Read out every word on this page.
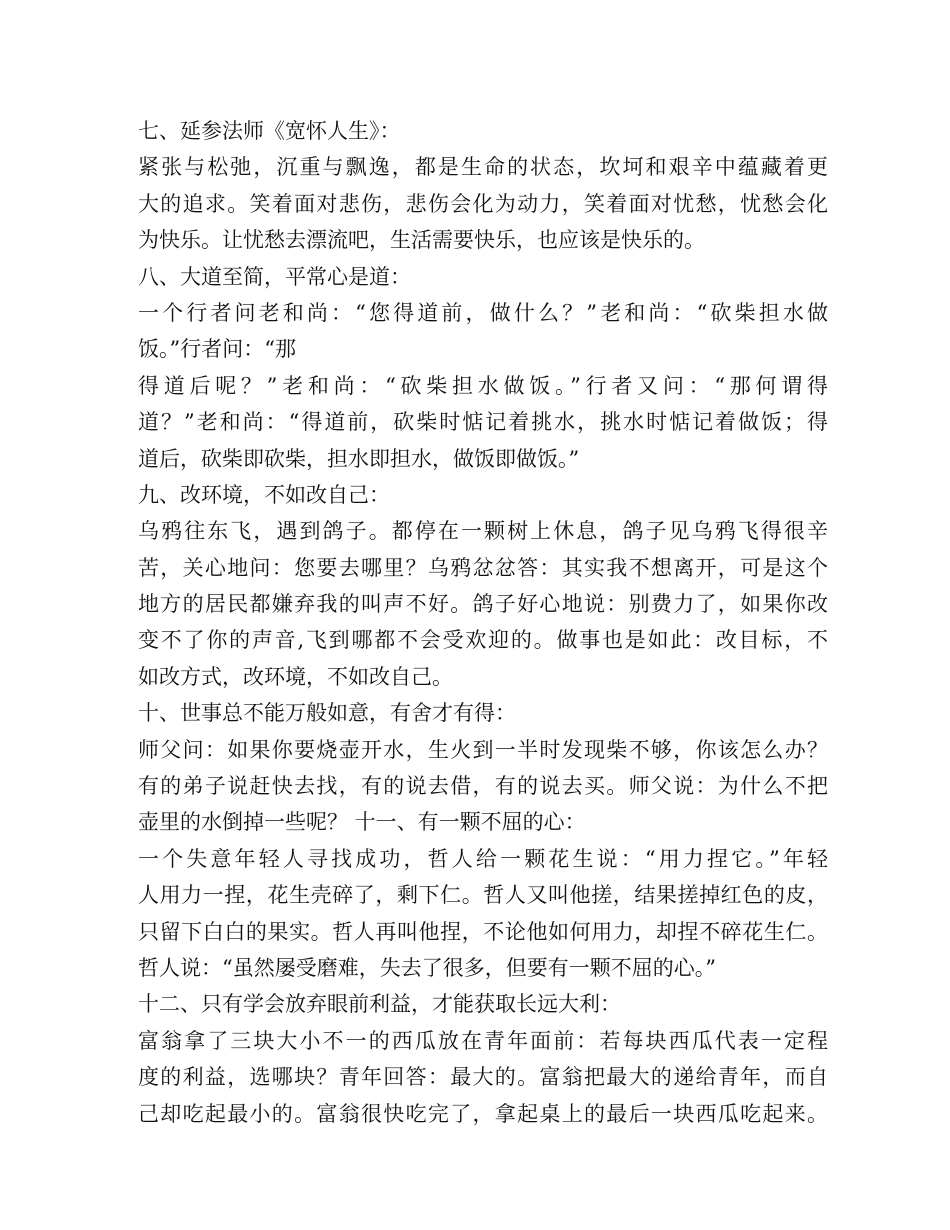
七、延参法师《宽怀人生》：
紧张与松弛，沉重与飘逸，都是生命的状态，坎坷和艰辛中蕴藏着更
大的追求。笑着面对悲伤，悲伤会化为动力，笑着面对忧愁，忧愁会化
为快乐。让忧愁去漂流吧，生活需要快乐，也应该是快乐的。
八、大道至简，平常心是道：
一个行者问老和尚：“您得道前，做什么？”老和尚：“砍柴担水做
饭。”行者问：“那
得道后呢？”老和尚：“砍柴担水做饭。”行者又问：“那何谓得
道？”老和尚：“得道前，砍柴时惦记着挑水，挑水时惦记着做饭；得
道后，砍柴即砍柴，担水即担水，做饭即做饭。”
九、改环境，不如改自己：
乌鸦往东飞，遇到鸽子。都停在一颗树上休息，鸽子见乌鸦飞得很辛
苦，关心地问：您要去哪里？乌鸦忿忿答：其实我不想离开，可是这个
地方的居民都嫌弃我的叫声不好。鸽子好心地说：别费力了，如果你改
变不了你的声音,飞到哪都不会受欢迎的。做事也是如此：改目标，不
如改方式，改环境，不如改自己。
十、世事总不能万般如意，有舍才有得：
师父问：如果你要烧壶开水，生火到一半时发现柴不够，你该怎么办？
有的弟子说赶快去找，有的说去借，有的说去买。师父说：为什么不把
壶里的水倒掉一些呢？ 十一、有一颗不屈的心：
一个失意年轻人寻找成功，哲人给一颗花生说：“用力捏它。”年轻
人用力一捏，花生壳碎了，剩下仁。哲人又叫他搓，结果搓掉红色的皮，
只留下白白的果实。哲人再叫他捏，不论他如何用力，却捏不碎花生仁。
哲人说：“虽然屡受磨难，失去了很多，但要有一颗不屈的心。”
十二、只有学会放弃眼前利益，才能获取长远大利：
富翁拿了三块大小不一的西瓜放在青年面前：若每块西瓜代表一定程
度的利益，选哪块？青年回答：最大的。富翁把最大的递给青年，而自
己却吃起最小的。富翁很快吃完了，拿起桌上的最后一块西瓜吃起来。
